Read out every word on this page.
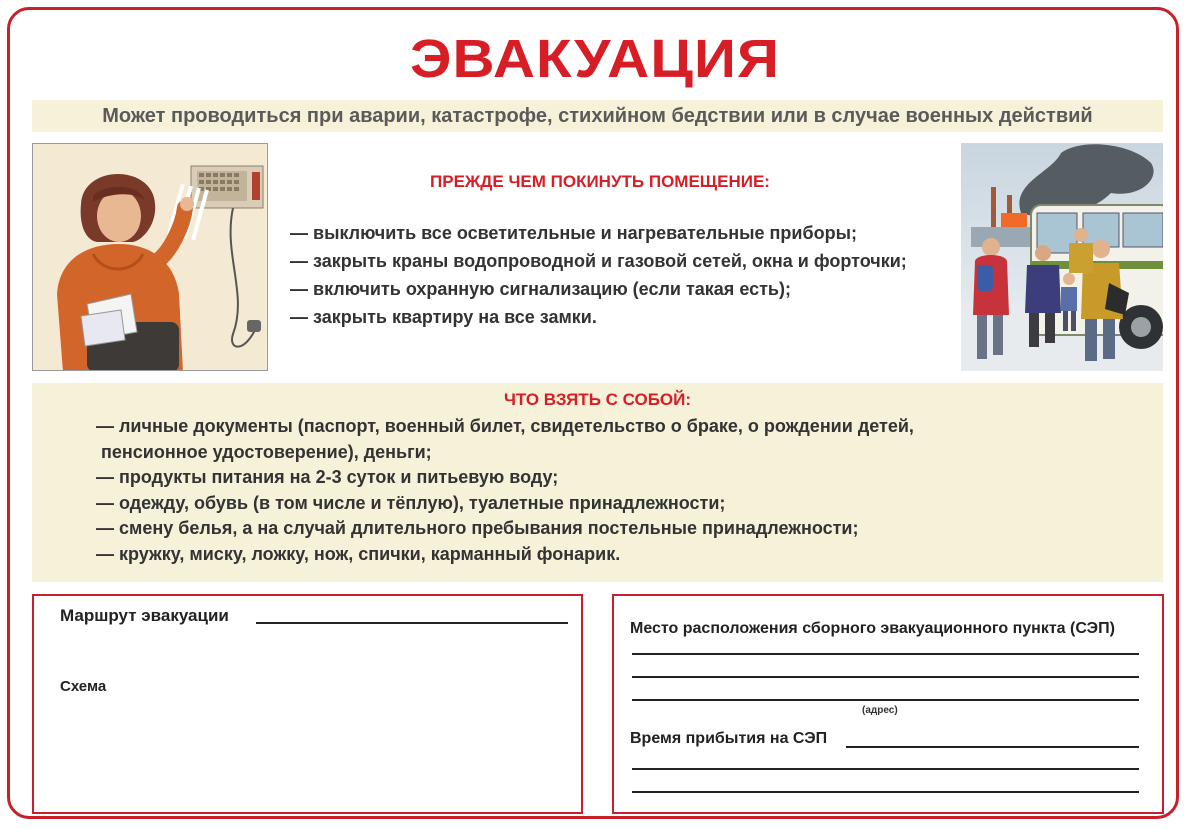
ЭВАКУАЦИЯ
Может проводиться при аварии, катастрофе, стихийном бедствии или в случае военных действий
ПРЕЖДЕ ЧЕМ ПОКИНУТЬ ПОМЕЩЕНИЕ:
— выключить все осветительные и нагревательные приборы;
— закрыть краны водопроводной и газовой сетей, окна и форточки;
— включить охранную сигнализацию (если такая есть);
— закрыть квартиру на все замки.
ЧТО ВЗЯТЬ С СОБОЙ:
— личные документы (паспорт, военный билет, свидетельство о браке, о рождении детей,
пенсионное удостоверение), деньги;
— продукты питания на 2-3 суток и питьевую воду;
— одежду, обувь (в том числе и тёплую), туалетные принадлежности;
— смену белья, а на случай длительного пребывания постельные принадлежности;
— кружку, миску, ложку, нож, спички, карманный фонарик.
Маршрут эвакуации
Схема
Место расположения сборного эвакуационного пункта (СЭП)
(адрес)
Время прибытия на СЭП
